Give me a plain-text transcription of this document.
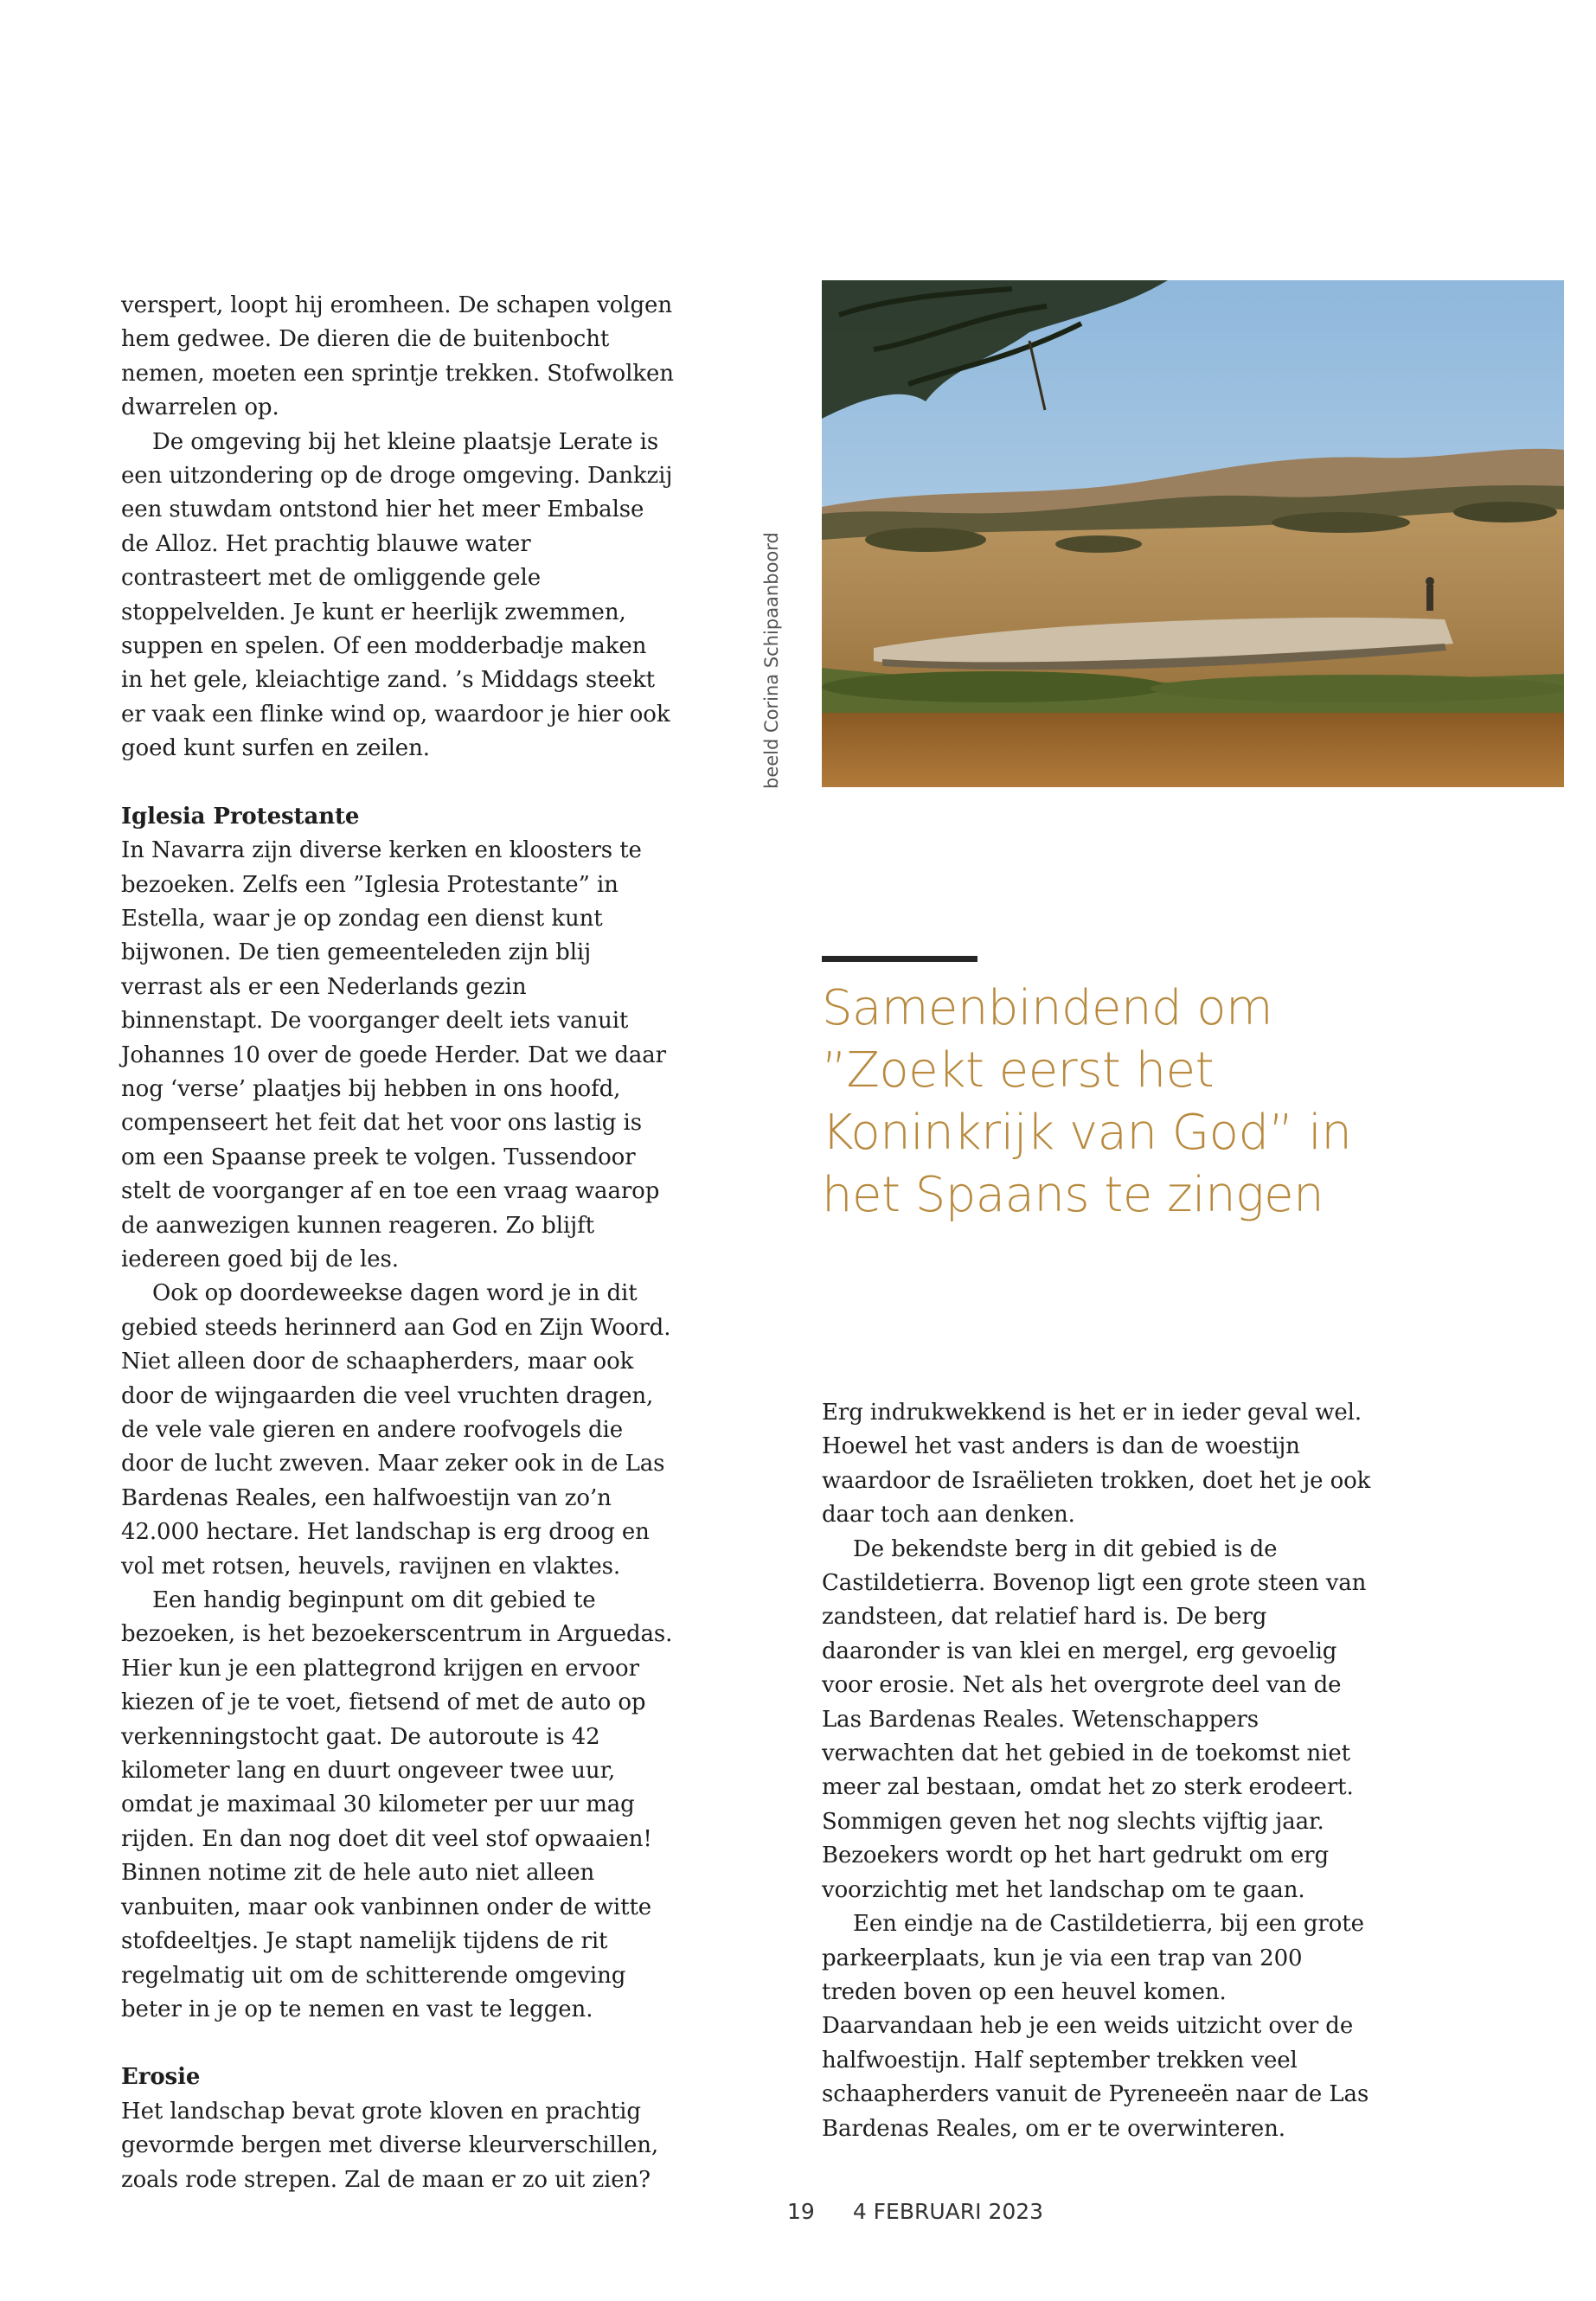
verspert, loopt hij eromheen. De schapen volgen hem gedwee. De dieren die de buitenbocht nemen, moeten een sprintje trekken. Stofwolken dwarrelen op.

De omgeving bij het kleine plaatsje Lerate is een uitzondering op de droge omgeving. Dankzij een stuwdam ontstond hier het meer Embalse de Alloz. Het prachtig blauwe water contrasteert met de omliggende gele stoppelvelden. Je kunt er heerlijk zwemmen, suppen en spelen. Of een modderbadje maken in het gele, kleiachtige zand. ’s Middags steekt er vaak een flinke wind op, waardoor je hier ook goed kunt surfen en zeilen.

Iglesia Protestante

In Navarra zijn diverse kerken en kloosters te bezoeken. Zelfs een ”Iglesia Protestante” in Estella, waar je op zondag een dienst kunt bijwonen. De tien gemeenteleden zijn blij verrast als er een Nederlands gezin binnenstapt. De voorganger deelt iets vanuit Johannes 10 over de goede Herder. Dat we daar nog ‘verse’ plaatjes bij hebben in ons hoofd, compenseert het feit dat het voor ons lastig is om een Spaanse preek te volgen. Tussendoor stelt de voorganger af en toe een vraag waarop de aanwezigen kunnen reageren. Zo blijft iedereen goed bij de les.

Ook op doordeweekse dagen word je in dit gebied steeds herinnerd aan God en Zijn Woord. Niet alleen door de schaapherders, maar ook door de wijngaarden die veel vruchten dragen, de vele vale gieren en andere roofvogels die door de lucht zweven. Maar zeker ook in de Las Bardenas Reales, een halfwoestijn van zo’n 42.000 hectare. Het landschap is erg droog en vol met rotsen, heuvels, ravijnen en vlaktes.

Een handig beginpunt om dit gebied te bezoeken, is het bezoekerscentrum in Arguedas. Hier kun je een plattegrond krijgen en ervoor kiezen of je te voet, fietsend of met de auto op verkenningstocht gaat. De autoroute is 42 kilometer lang en duurt ongeveer twee uur, omdat je maximaal 30 kilometer per uur mag rijden. En dan nog doet dit veel stof opwaaien! Binnen notime zit de hele auto niet alleen vanbuiten, maar ook vanbinnen onder de witte stofdeeltjes. Je stapt namelijk tijdens de rit regelmatig uit om de schitterende omgeving beter in je op te nemen en vast te leggen.

Erosie

Het landschap bevat grote kloven en prachtig gevormde bergen met diverse kleurverschillen, zoals rode strepen. Zal de maan er zo uit zien?

beeld Corina Schipaanboord
Samenbindend om
”Zoekt eerst het
Koninkrijk van God” in
het Spaans te zingen

Erg indrukwekkend is het er in ieder geval wel. Hoewel het vast anders is dan de woestijn waardoor de Israëlieten trokken, doet het je ook daar toch aan denken.

De bekendste berg in dit gebied is de Castildetierra. Bovenop ligt een grote steen van zandsteen, dat relatief hard is. De berg daaronder is van klei en mergel, erg gevoelig voor erosie. Net als het overgrote deel van de Las Bardenas Reales. Wetenschappers verwachten dat het gebied in de toekomst niet meer zal bestaan, omdat het zo sterk erodeert. Sommigen geven het nog slechts vijftig jaar. Bezoekers wordt op het hart gedrukt om erg voorzichtig met het landschap om te gaan.

Een eindje na de Castildetierra, bij een grote parkeerplaats, kun je via een trap van 200 treden boven op een heuvel komen. Daarvandaan heb je een weids uitzicht over de halfwoestijn. Half september trekken veel schaapherders vanuit de Pyreneeën naar de Las Bardenas Reales, om er te overwinteren.

19 4 FEBRUARI 2023
